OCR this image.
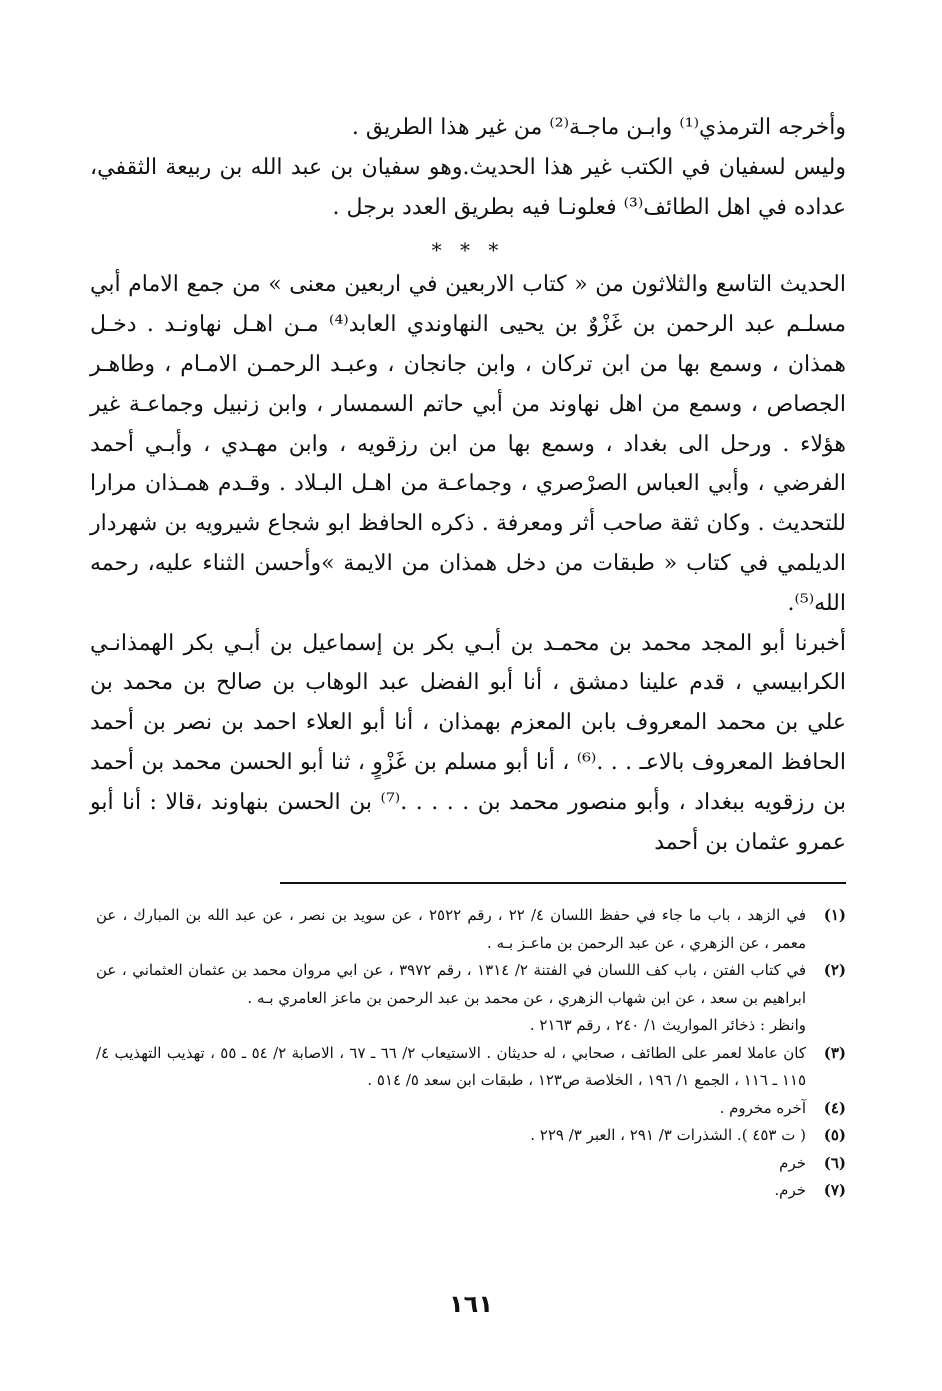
وأخرجه الترمذي⁽¹⁾ وابـن ماجـة⁽²⁾ من غير هذا الطريق .

وليس لسفيان في الكتب غير هذا الحديث.وهو سفيان بن عبد الله بن ربيعة الثقفي، عداده في اهل الطائف⁽³⁾ فعلونـا فيه بطريق العدد برجل .

* * *

الحديث التاسع والثلاثون من « كتاب الاربعين في اربعين معنى » من جمع الامام أبي مسلـم عبد الرحمن بن غَزْوٌ بن يحيى النهاوندي العابد⁽⁴⁾ مـن اهـل نهاونـد . دخـل همذان ، وسمع بها من ابن تركان ، وابن جانجان ، وعبـد الرحمـن الامـام ، وطاهـر الجصاص ، وسمع من اهل نهاوند من أبي حاتم السمسار ، وابن زنبيل وجماعـة غير هؤلاء . ورحل الى بغداد ، وسمع بها من ابن رزقويه ، وابن مهـدي ، وأبـي أحمد الفرضي ، وأبي العباس الصرْصري ، وجماعـة من اهـل البـلاد . وقـدم همـذان مرارا للتحديث . وكان ثقة صاحب أثر ومعرفة . ذكره الحافظ ابو شجاع شيرويه بن شهردار الديلمي في كتاب « طبقات من دخل همذان من الايمة »وأحسن الثناء عليه، رحمه الله⁽⁵⁾.

أخبرنا أبو المجد محمد بن محمـد بن أبـي بكر بن إسماعيل بن أبـي بكر الهمذانـي الكرابيسي ، قدم علينا دمشق ، أنا أبو الفضل عبد الوهاب بن صالح بن محمد بن علي بن محمد المعروف بابن المعزم بهمذان ، أنا أبو العلاء احمد بن نصر بن أحمد الحافظ المعروف بالاعـ . . .⁽⁶⁾ ، أنا أبو مسلم بن غَزْوٍ ، ثنا أبو الحسن محمد بن أحمد بن رزقويه ببغداد ، وأبو منصور محمد بن . . . . .⁽⁷⁾ بن الحسن بنهاوند ،قالا : أنا أبو عمرو عثمان بن أحمد

(١)
في الزهد ، باب ما جاء في حفظ اللسان ٤/ ٢٢ ، رقم ٢٥٢٢ ، عن سويد بن نصر ، عن عبد الله بن المبارك ، عن معمر ، عن الزهري ، عن عبد الرحمن بن ماعـز بـه .
(٢)
في كتاب الفتن ، باب كف اللسان في الفتنة ٢/ ١٣١٤ ، رقم ٣٩٧٢ ، عن ابي مروان محمد بن عثمان العثماني ، عن ابراهيم بن سعد ، عن ابن شهاب الزهري ، عن محمد بن عبد الرحمن بن ماعز العامري بـه .
وانظر : ذخائر المواريث ١/ ٢٤٠ ، رقم ٢١٦٣ .
(٣)
كان عاملا لعمر على الطائف ، صحابي ، له حديثان . الاستيعاب ٢/ ٦٦ ـ ٦٧ ، الاصابة ٢/ ٥٤ ـ ٥٥ ، تهذيب التهذيب ٤/ ١١٥ ـ ١١٦ ، الجمع ١/ ١٩٦ ، الخلاصة ص١٢٣ ، طبقات ابن سعد ٥/ ٥١٤ .
(٤)
آخره مخروم .
(٥)
( ت ٤٥٣ ). الشذرات ٣/ ٢٩١ ، العبر ٣/ ٢٢٩ .
(٦)
خرم
(٧)
خرم.
١٦١
